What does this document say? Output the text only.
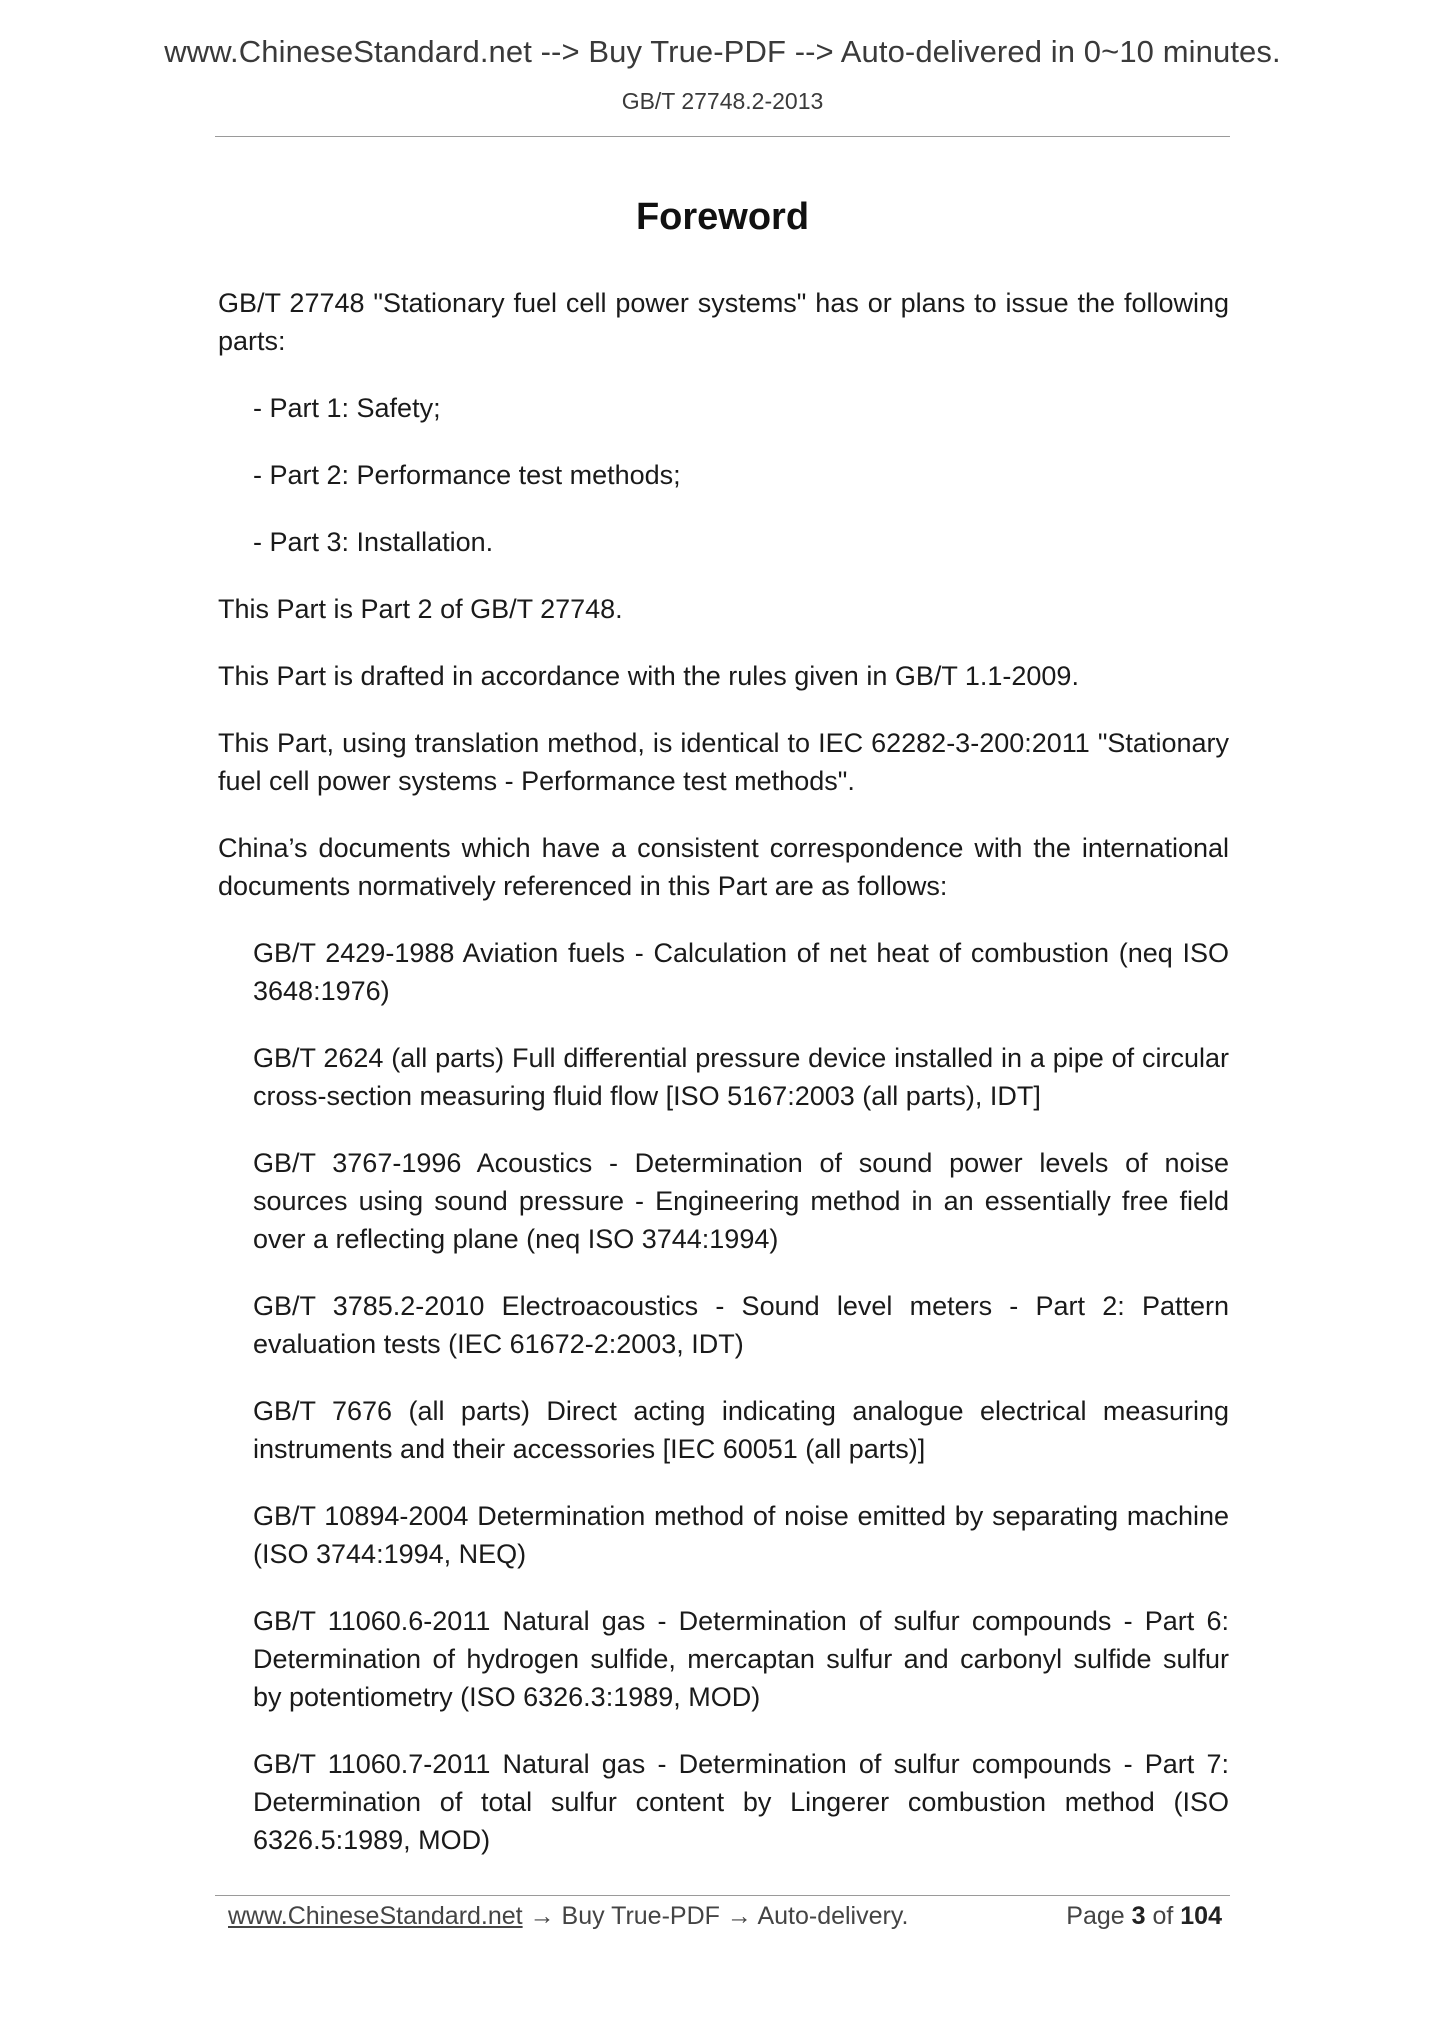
www.ChineseStandard.net --> Buy True-PDF --> Auto-delivered in 0~10 minutes.
GB/T 27748.2-2013
Foreword

GB/T 27748 "Stationary fuel cell power systems" has or plans to issue the following parts:

- Part 1: Safety;

- Part 2: Performance test methods;

- Part 3: Installation.

This Part is Part 2 of GB/T 27748.

This Part is drafted in accordance with the rules given in GB/T 1.1-2009.

This Part, using translation method, is identical to IEC 62282-3-200:2011 "Stationary fuel cell power systems - Performance test methods".

China’s documents which have a consistent correspondence with the international documents normatively referenced in this Part are as follows:

GB/T 2429-1988 Aviation fuels - Calculation of net heat of combustion (neq ISO 3648:1976)

GB/T 2624 (all parts) Full differential pressure device installed in a pipe of circular cross-section measuring fluid flow [ISO 5167:2003 (all parts), IDT]

GB/T 3767-1996 Acoustics - Determination of sound power levels of noise sources using sound pressure - Engineering method in an essentially free field over a reflecting plane (neq ISO 3744:1994)

GB/T 3785.2-2010 Electroacoustics - Sound level meters - Part 2: Pattern evaluation tests (IEC 61672-2:2003, IDT)

GB/T 7676 (all parts) Direct acting indicating analogue electrical measuring instruments and their accessories [IEC 60051 (all parts)]

GB/T 10894-2004 Determination method of noise emitted by separating machine (ISO 3744:1994, NEQ)

GB/T 11060.6-2011 Natural gas - Determination of sulfur compounds - Part 6: Determination of hydrogen sulfide, mercaptan sulfur and carbonyl sulfide sulfur by potentiometry (ISO 6326.3:1989, MOD)

GB/T 11060.7-2011 Natural gas - Determination of sulfur compounds - Part 7: Determination of total sulfur content by Lingerer combustion method (ISO 6326.5:1989, MOD)

www.ChineseStandard.net → Buy True-PDF → Auto-delivery.	Page 3 of 104
